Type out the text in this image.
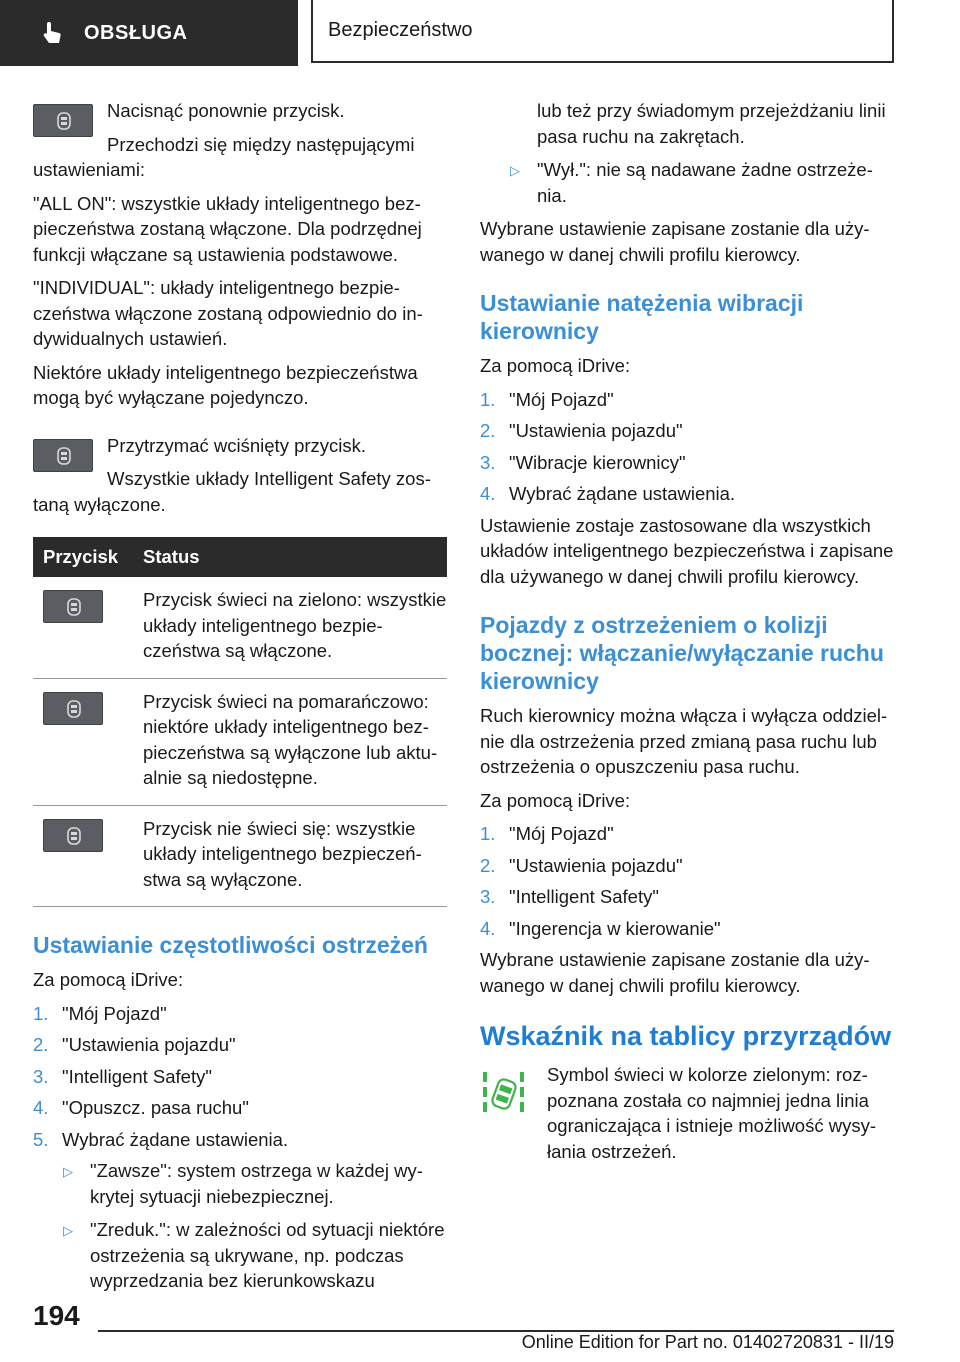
OBSŁUGA	Bezpieczeństwo

Nacisnąć ponownie przycisk.

Przechodzi się między następującymi ustawieniami:

"ALL ON": wszystkie układy inteligentnego bezpieczeństwa zostaną włączone. Dla podrzędnej funkcji włączane są ustawienia podstawowe.

"INDIVIDUAL": układy inteligentnego bezpieczeństwa włączone zostaną odpowiednio do indywidualnych ustawień.

Niektóre układy inteligentnego bezpieczeństwa mogą być wyłączane pojedynczo.

Przytrzymać wciśnięty przycisk.

Wszystkie układy Intelligent Safety zostaną wyłączone.

Przycisk	Status

	Przycisk świeci na zielono: wszystkie układy inteligentnego bezpieczeństwa są włączone.

	Przycisk świeci na pomarańczowo: niektóre układy inteligentnego bezpieczeństwa są wyłączone lub aktualnie są niedostępne.

	Przycisk nie świeci się: wszystkie układy inteligentnego bezpieczeństwa są wyłączone.
Ustawianie częstotliwości ostrzeżeń

Za pomocą iDrive:

1. "Mój Pojazd"
2. "Ustawienia pojazdu"
3. "Intelligent Safety"
4. "Opuszcz. pasa ruchu"
5. Wybrać żądane ustawienia.
▷ "Zawsze": system ostrzega w każdej wykrytej sytuacji niebezpiecznej.
▷ "Zreduk.": w zależności od sytuacji niektóre ostrzeżenia są ukrywane, np. podczas wyprzedzania bez kierunkowskazu
lub też przy świadomym przejeżdżaniu linii pasa ruchu na zakrętach.
▷ "Wył.": nie są nadawane żadne ostrzeżenia.

Wybrane ustawienie zapisane zostanie dla używanego w danej chwili profilu kierowcy.

Ustawianie natężenia wibracji kierownicy

Za pomocą iDrive:

1. "Mój Pojazd"
2. "Ustawienia pojazdu"
3. "Wibracje kierownicy"
4. Wybrać żądane ustawienia.

Ustawienie zostaje zastosowane dla wszystkich układów inteligentnego bezpieczeństwa i zapisane dla używanego w danej chwili profilu kierowcy.

Pojazdy z ostrzeżeniem o kolizji bocznej: włączanie/wyłączanie ruchu kierownicy

Ruch kierownicy można włącza i wyłącza oddzielnie dla ostrzeżenia przed zmianą pasa ruchu lub ostrzeżenia o opuszczeniu pasa ruchu.

Za pomocą iDrive:

1. "Mój Pojazd"
2. "Ustawienia pojazdu"
3. "Intelligent Safety"
4. "Ingerencja w kierowanie"

Wybrane ustawienie zapisane zostanie dla używanego w danej chwili profilu kierowcy.

Wskaźnik na tablicy przyrządów

Symbol świeci w kolorze zielonym: rozpoznana została co najmniej jedna linia ograniczająca i istnieje możliwość wysyłania ostrzeżeń.

194
Online Edition for Part no. 01402720831 - II/19
